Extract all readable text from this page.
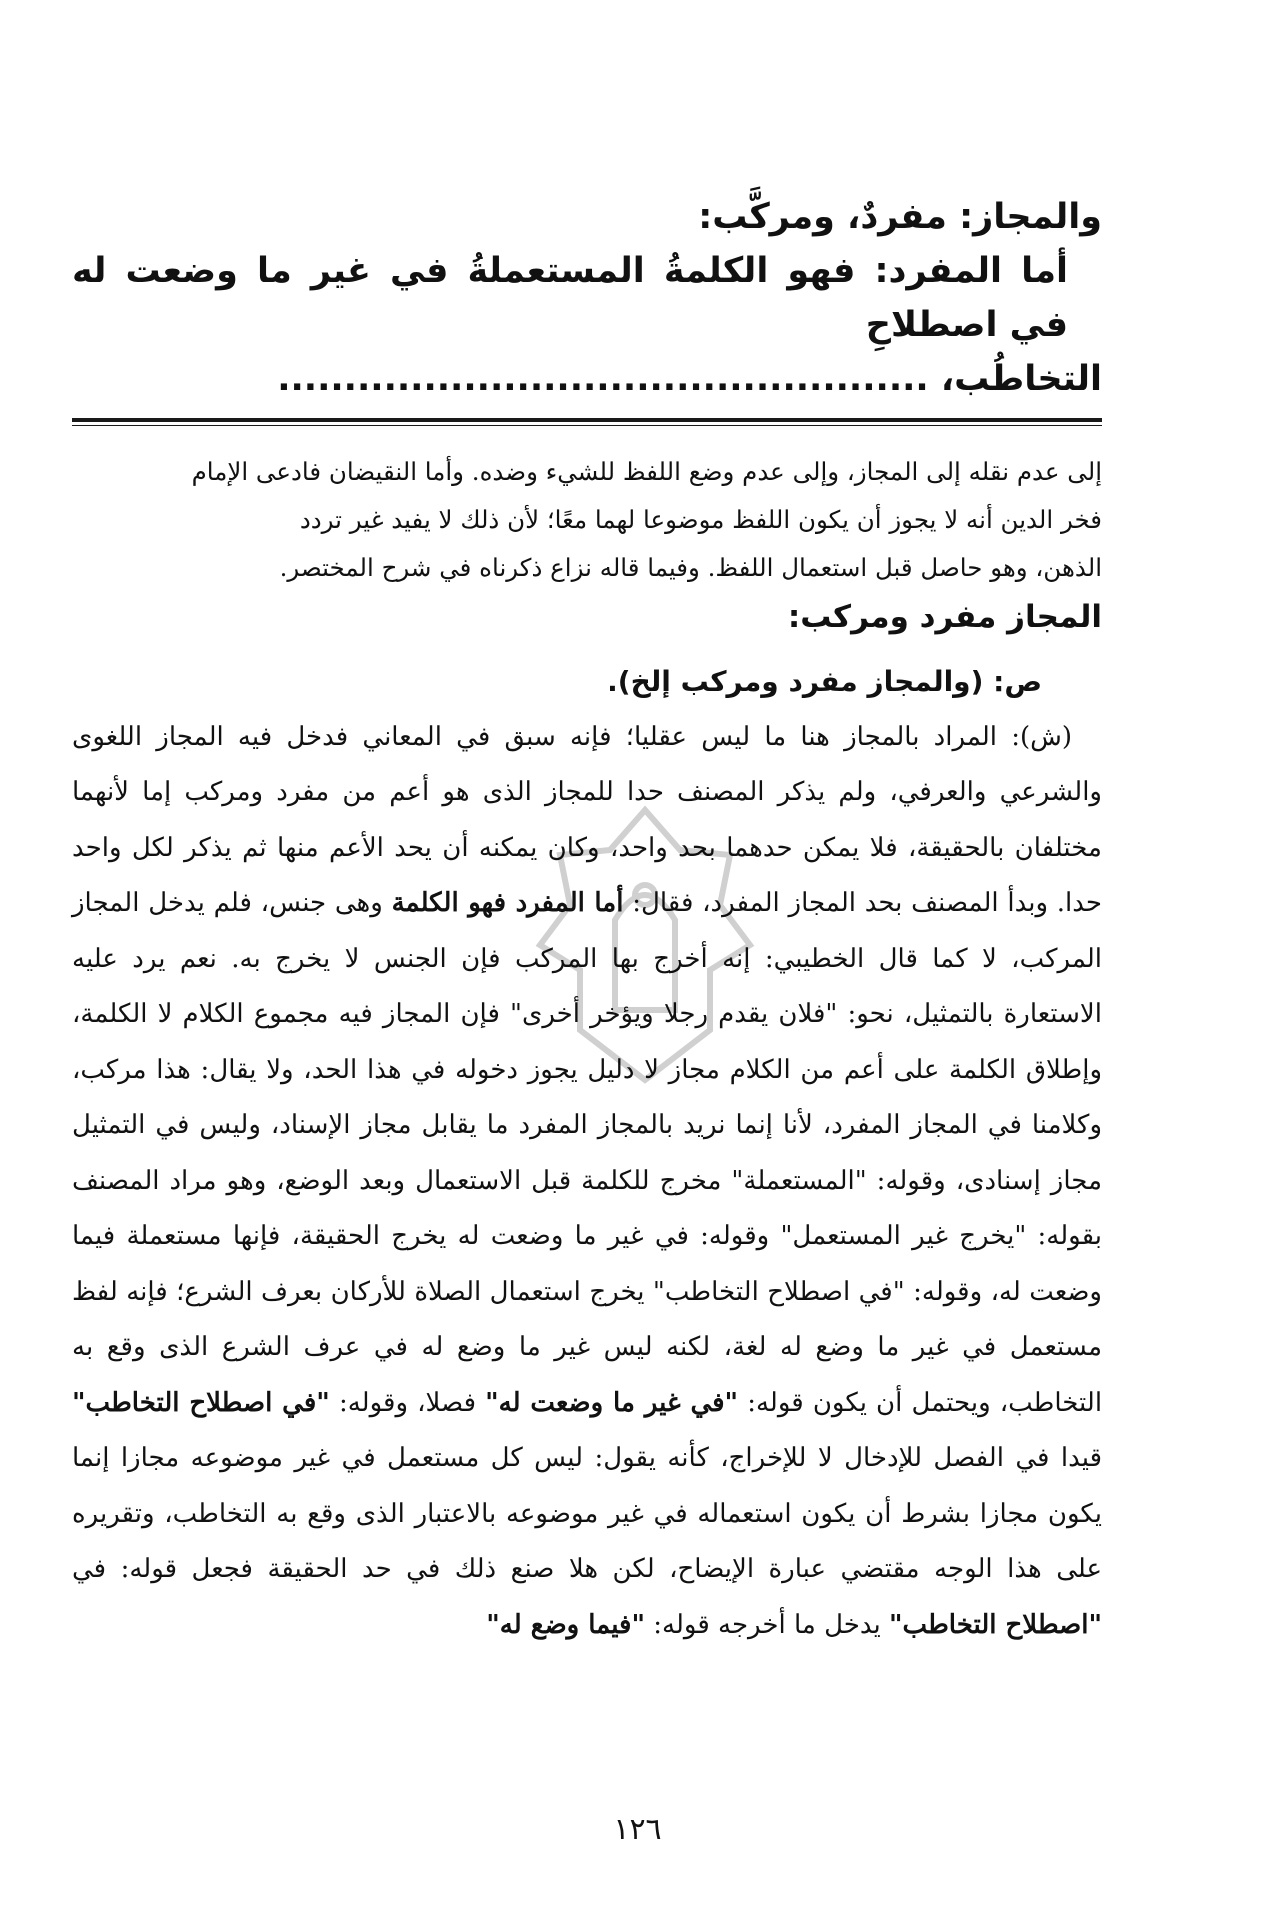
والمجاز: مفردٌ، ومركَّب:

أما المفرد: فهو الكلمةُ المستعملةُ في غير ما وضعت له في اصطلاحِ

التخاطُب، .................................................

إلى عدم نقله إلى المجاز، وإلى عدم وضع اللفظ للشيء وضده. وأما النقيضان فادعى الإمام

فخر الدين أنه لا يجوز أن يكون اللفظ موضوعا لهما معًا؛ لأن ذلك لا يفيد غير تردد

الذهن، وهو حاصل قبل استعمال اللفظ. وفيما قاله نزاع ذكرناه في شرح المختصر.

المجاز مفرد ومركب:

ص: (والمجاز مفرد ومركب إلخ).

(ش): المراد بالمجاز هنا ما ليس عقليا؛ فإنه سبق في المعاني فدخل فيه المجاز اللغوى والشرعي والعرفي، ولم يذكر المصنف حدا للمجاز الذى هو أعم من مفرد ومركب إما لأنهما مختلفان بالحقيقة، فلا يمكن حدهما بحد واحد، وكان يمكنه أن يحد الأعم منها ثم يذكر لكل واحد حدا. وبدأ المصنف بحد المجاز المفرد، فقال: أما المفرد فهو الكلمة وهى جنس، فلم يدخل المجاز المركب، لا كما قال الخطيبي: إنه أخرج بها المركب فإن الجنس لا يخرج به. نعم يرد عليه الاستعارة بالتمثيل، نحو: "فلان يقدم رجلا ويؤخر أخرى" فإن المجاز فيه مجموع الكلام لا الكلمة، وإطلاق الكلمة على أعم من الكلام مجاز لا دليل يجوز دخوله في هذا الحد، ولا يقال: هذا مركب، وكلامنا في المجاز المفرد، لأنا إنما نريد بالمجاز المفرد ما يقابل مجاز الإسناد، وليس في التمثيل مجاز إسنادى، وقوله: "المستعملة" مخرج للكلمة قبل الاستعمال وبعد الوضع، وهو مراد المصنف بقوله: "يخرج غير المستعمل" وقوله: في غير ما وضعت له يخرج الحقيقة، فإنها مستعملة فيما وضعت له، وقوله: "في اصطلاح التخاطب" يخرج استعمال الصلاة للأركان بعرف الشرع؛ فإنه لفظ مستعمل في غير ما وضع له لغة، لكنه ليس غير ما وضع له في عرف الشرع الذى وقع به التخاطب، ويحتمل أن يكون قوله: "في غير ما وضعت له" فصلا، وقوله: "في اصطلاح التخاطب" قيدا في الفصل للإدخال لا للإخراج، كأنه يقول: ليس كل مستعمل في غير موضوعه مجازا إنما يكون مجازا بشرط أن يكون استعماله في غير موضوعه بالاعتبار الذى وقع به التخاطب، وتقريره على هذا الوجه مقتضي عبارة الإيضاح، لكن هلا صنع ذلك في حد الحقيقة فجعل قوله: في "اصطلاح التخاطب" يدخل ما أخرجه قوله: "فيما وضع له"

١٢٦
